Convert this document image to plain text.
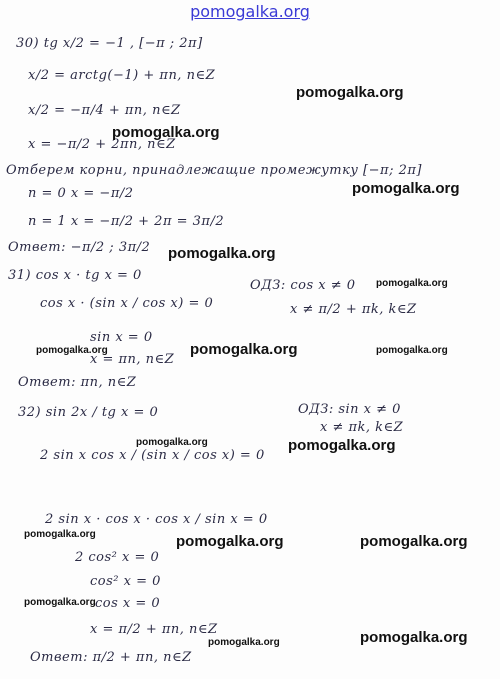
pomogalka.org
30) tg x/2 = −1 , [−π ; 2π]
x/2 = arctg(−1) + πn, n∈Z
x/2 = −π/4 + πn, n∈Z
x = −π/2 + 2πn, n∈Z
Отберем корни, принадлежащие промежутку [−π; 2π]
n = 0 x = −π/2
n = 1 x = −π/2 + 2π = 3π/2
Ответ: −π/2 ; 3π/2
31) cos x · tg x = 0
ОДЗ: cos x ≠ 0
x ≠ π/2 + πk, k∈Z
cos x · (sin x / cos x) = 0
sin x = 0
x = πn, n∈Z
Ответ: πn, n∈Z
32) sin 2x / tg x = 0	ОДЗ: sin x ≠ 0
x ≠ πk, k∈Z
2 sin x cos x / (sin x / cos x) = 0
2 sin x · cos x · cos x / sin x = 0
2 cos² x = 0
cos² x = 0
cos x = 0
x = π/2 + πn, n∈Z
Ответ: π/2 + πn, n∈Z
pomogalka.org
pomogalka.org
pomogalka.org
pomogalka.org
pomogalka.org
pomogalka.org	pomogalka.org	pomogalka.org
pomogalka.org	pomogalka.org
pomogalka.org	pomogalka.org	pomogalka.org
pomogalka.org
pomogalka.org	pomogalka.org
